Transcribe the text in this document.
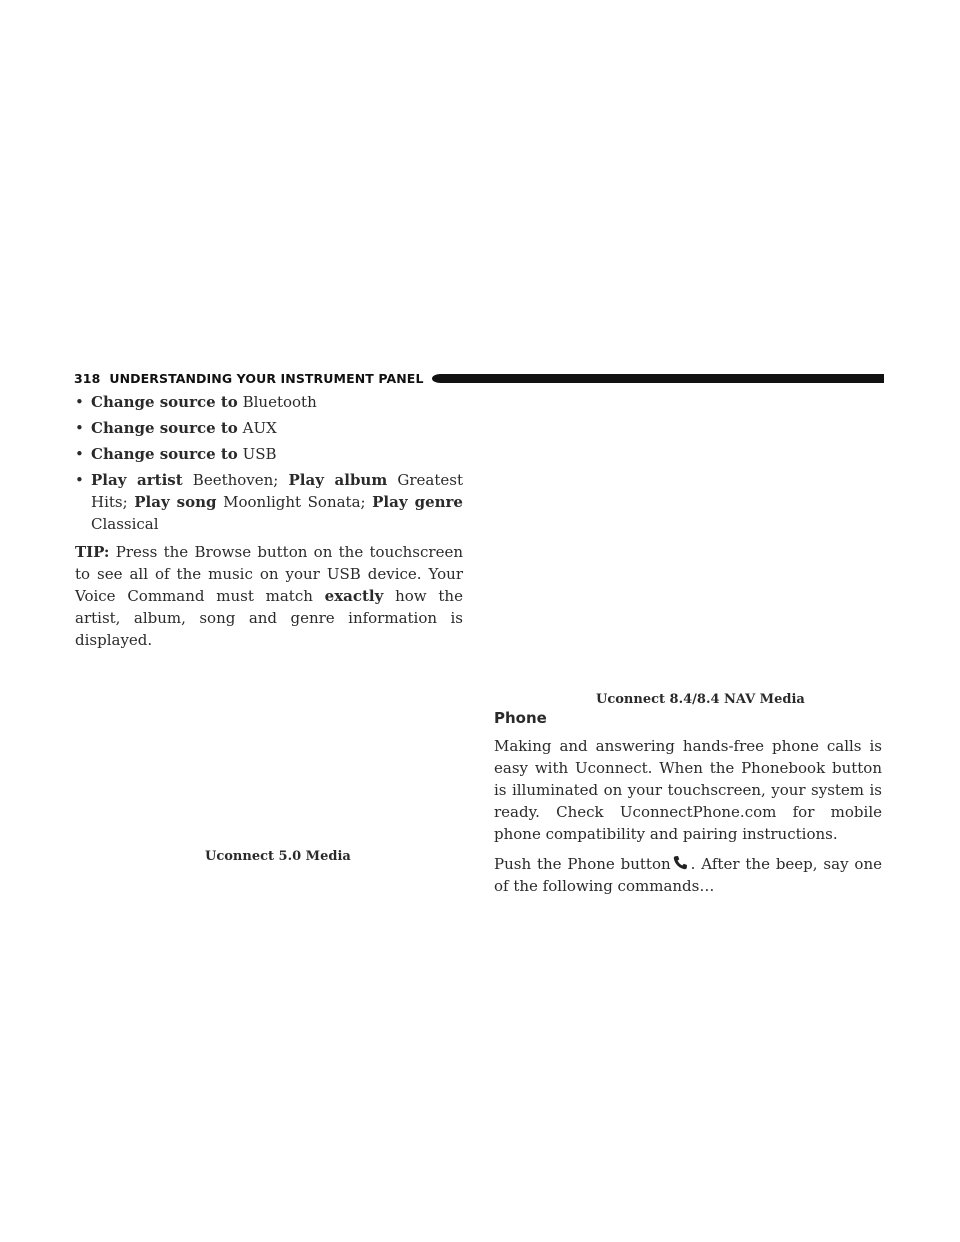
318 UNDERSTANDING YOUR INSTRUMENT PANEL
• Change source to Bluetooth
• Change source to AUX
• Change source to USB
• Play artist Beethoven; Play album Greatest Hits; Play song Moonlight Sonata; Play genre Classical

TIP: Press the Browse button on the touchscreen to see all of the music on your USB device. Your Voice Command must match exactly how the artist, album, song and genre information is displayed.

Uconnect 5.0 Media
Uconnect 8.4/8.4 NAV Media
Phone

Making and answering hands-free phone calls is easy with Uconnect. When the Phonebook button is illuminated on your touchscreen, your system is ready. Check UconnectPhone.com for mobile phone compatibility and pairing instructions.

Push the Phone button . After the beep, say one of the following commands…
